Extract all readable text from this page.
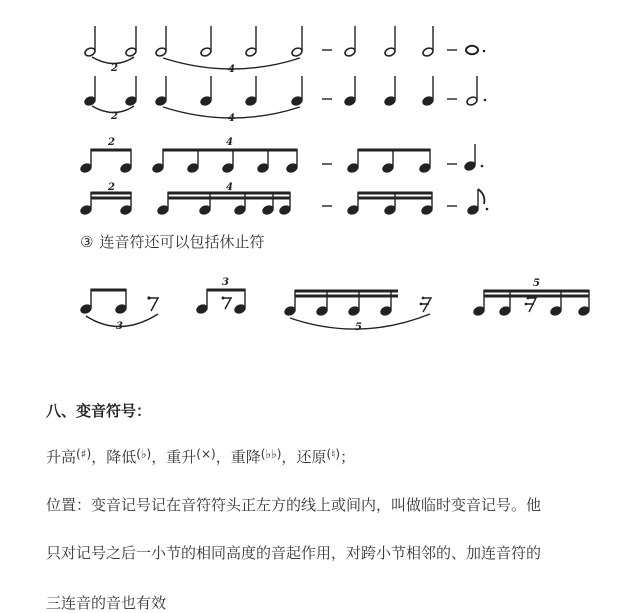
2	4
2	4
2	4
2	4
3
3
5
5
③ 连音符还可以包括休止符
八、变音符号：
升高(♯)，降低(♭)，重升(×)，重降(♭♭)，还原(♮)；
位置：变音记号记在音符符头正左方的线上或间内，叫做临时变音记号。他
只对记号之后一小节的相同高度的音起作用，对跨小节相邻的、加连音符的
三连音的音也有效
